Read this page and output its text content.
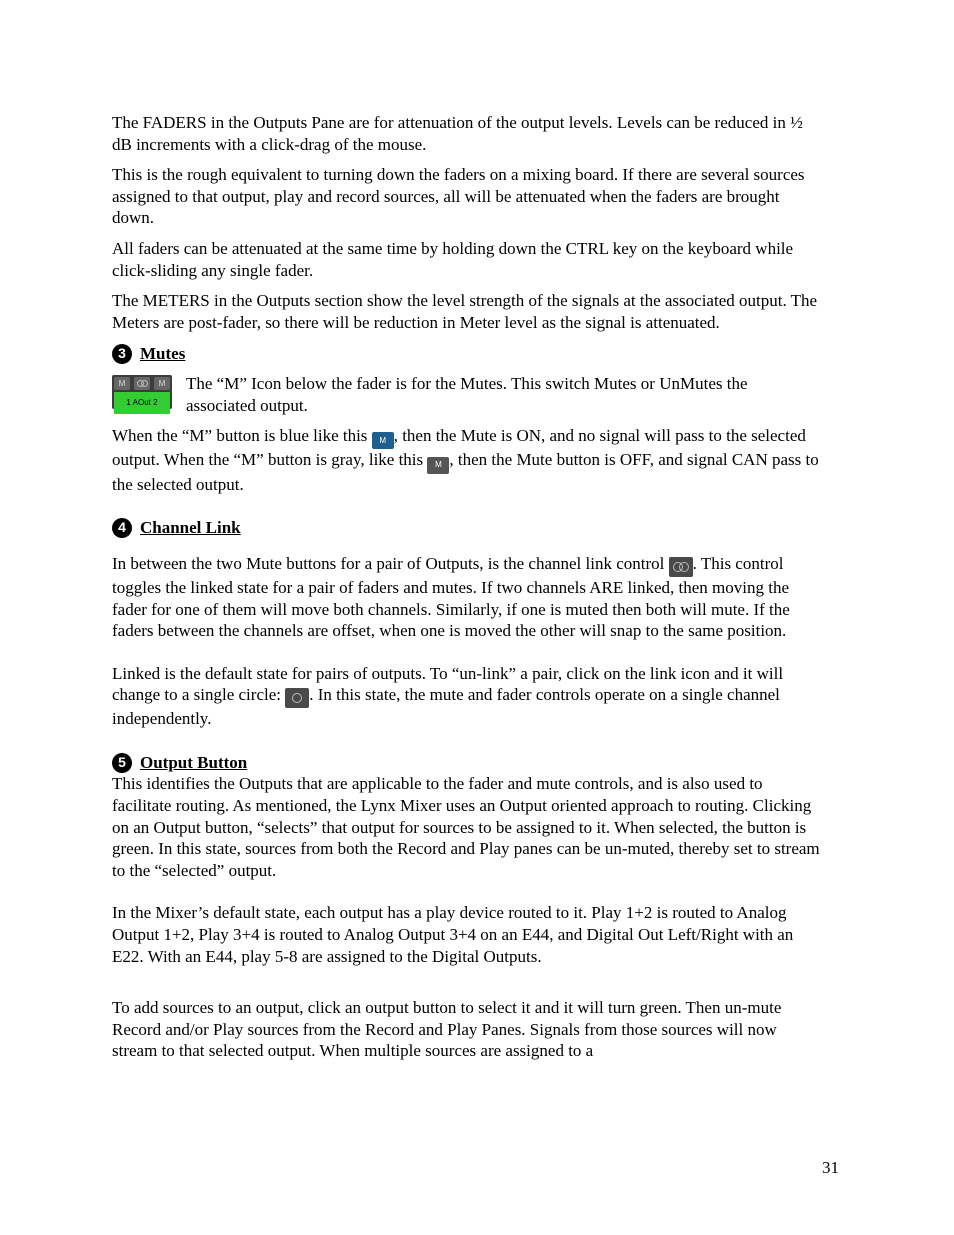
The FADERS in the Outputs Pane are for attenuation of the output levels. Levels can be reduced in ½ dB increments with a click-drag of the mouse.

This is the rough equivalent to turning down the faders on a mixing board. If there are several sources assigned to that output, play and record sources, all will be attenuated when the faders are brought down.

All faders can be attenuated at the same time by holding down the CTRL key on the keyboard while click-sliding any single fader.

The METERS in the Outputs section show the level strength of the signals at the associated output. The Meters are post-fader, so there will be reduction in Meter level as the signal is attenuated.

3 Mutes
M	M
1 AOut 2

The “M” Icon below the fader is for the Mutes. This switch Mutes or UnMutes the associated output.

When the “M” button is blue like this M , then the Mute is ON, and no signal will pass to the selected output. When the “M” button is gray, like this M , then the Mute button is OFF, and signal CAN pass to the selected output.

4 Channel Link

In between the two Mute buttons for a pair of Outputs, is the channel link control
. This control toggles the linked state for a pair of faders and mutes. If two channels ARE linked, then moving the fader for one of them will move both channels. Similarly, if one is muted then both will mute. If the faders between the channels are offset, when one is moved the other will snap to the same position.

Linked is the default state for pairs of outputs. To “un-link” a pair, click on the link icon and it will change to a single circle:
. In this state, the mute and fader controls operate on a single channel independently.

5 Output Button

This identifies the Outputs that are applicable to the fader and mute controls, and is also used to facilitate routing. As mentioned, the Lynx Mixer uses an Output oriented approach to routing. Clicking on an Output button, “selects” that output for sources to be assigned to it. When selected, the button is green. In this state, sources from both the Record and Play panes can be un-muted, thereby set to stream to the “selected” output.

In the Mixer’s default state, each output has a play device routed to it. Play 1+2 is routed to Analog Output 1+2, Play 3+4 is routed to Analog Output 3+4 on an E44, and Digital Out Left/Right with an E22. With an E44, play 5-8 are assigned to the Digital Outputs.

To add sources to an output, click an output button to select it and it will turn green. Then un-mute Record and/or Play sources from the Record and Play Panes. Signals from those sources will now stream to that selected output. When multiple sources are assigned to a

31
